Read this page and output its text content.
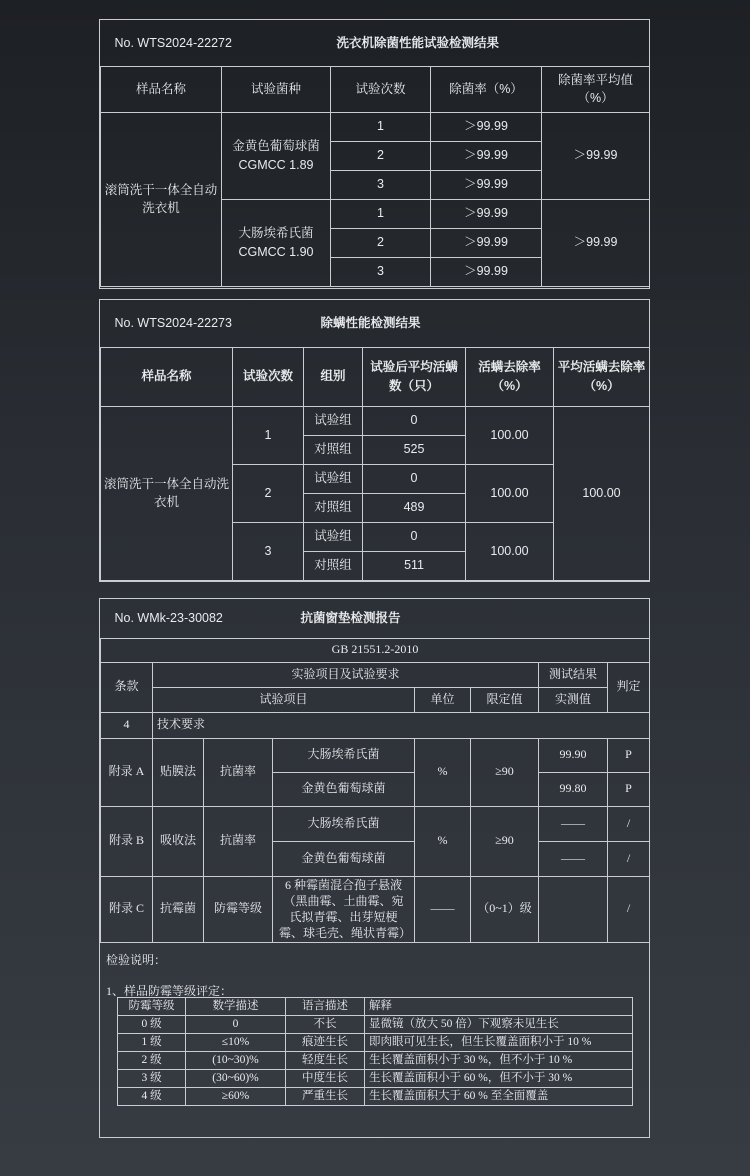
No. WTS2024-22272		洗衣机除菌性能试验检测结果		
样品名称	试验菌种	试验次数	除菌率（%）	除菌率平均值（%）
滚筒洗干一体全自动洗衣机	金黄色葡萄球菌 CGMCC 1.89	1	＞99.99	＞99.99
		2	＞99.99	
		3	＞99.99	
	大肠埃希氏菌 CGMCC 1.90	1	＞99.99	＞99.99
		2	＞99.99	
		3	＞99.99	
No. WTS2024-22273			除螨性能检测结果		
样品名称	试验次数	组别	试验后平均活螨数（只）	活螨去除率（%）	平均活螨去除率（%）
滚筒洗干一体全自动洗衣机	1	试验组	0	100.00	100.00
		对照组	525		
	2	试验组	0	100.00	
		对照组	489		
	3	试验组	0	100.00	
		对照组	511		
No. WMk-23-30082			抗菌窗垫检测报告				
GB 21551.2-2010							
条款	实验项目及试验要求					测试结果	判定
	试验项目			单位	限定值	实测值	
4	技术要求						
附录 A	贴膜法	抗菌率	大肠埃希氏菌	%	≥90	99.90	P
			金黄色葡萄球菌			99.80	P
附录 B	吸收法	抗菌率	大肠埃希氏菌	%	≥90	——	/
			金黄色葡萄球菌			——	/
附录 C	抗霉菌	防霉等级	6 种霉菌混合孢子悬液（黑曲霉、土曲霉、宛氏拟青霉、出芽短梗霉、球毛壳、绳状青霉）	——	（0~1）级		/
检验说明：
1、样品防霉等级评定：
防霉等级	数学描述	语言描述	解释
0 级	0	不长	显微镜（放大 50 倍）下观察未见生长
1 级	≤10%	痕迹生长	即肉眼可见生长，但生长覆盖面积小于 10 %
2 级	(10~30)%	轻度生长	生长覆盖面积小于 30 %，但不小于 10 %
3 级	(30~60)%	中度生长	生长覆盖面积小于 60 %，但不小于 30 %
4 级	≥60%	严重生长	生长覆盖面积大于 60 % 至全面覆盖
